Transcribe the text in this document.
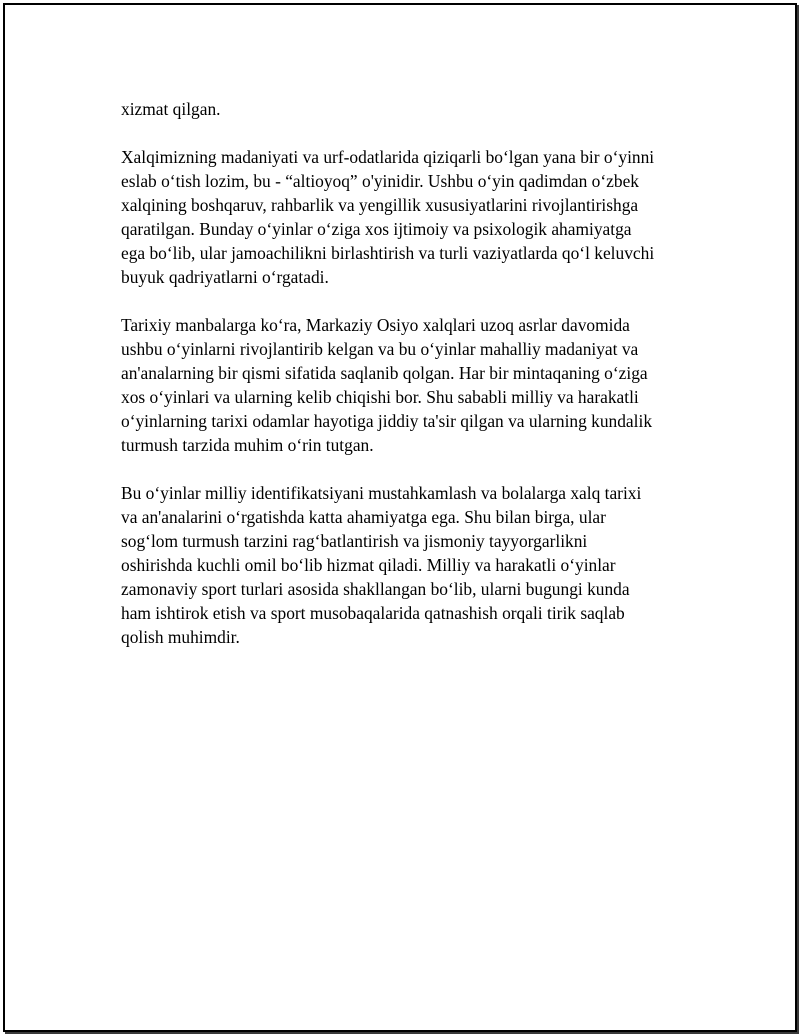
xizmat qilgan.

Xalqimizning madaniyati va urf-odatlarida qiziqarli boʻlgan yana bir oʻyinni
eslab oʻtish lozim, bu - “altioyoq” o'yinidir. Ushbu oʻyin qadimdan oʻzbek
xalqining boshqaruv, rahbarlik va yengillik xususiyatlarini rivojlantirishga
qaratilgan. Bunday oʻyinlar oʻziga xos ijtimoiy va psixologik ahamiyatga
ega boʻlib, ular jamoachilikni birlashtirish va turli vaziyatlarda qoʻl keluvchi
buyuk qadriyatlarni oʻrgatadi.

Tarixiy manbalarga koʻra, Markaziy Osiyo xalqlari uzoq asrlar davomida
ushbu oʻyinlarni rivojlantirib kelgan va bu oʻyinlar mahalliy madaniyat va
an'analarning bir qismi sifatida saqlanib qolgan. Har bir mintaqaning oʻziga
xos oʻyinlari va ularning kelib chiqishi bor. Shu sababli milliy va harakatli
oʻyinlarning tarixi odamlar hayotiga jiddiy ta'sir qilgan va ularning kundalik
turmush tarzida muhim oʻrin tutgan.

Bu oʻyinlar milliy identifikatsiyani mustahkamlash va bolalarga xalq tarixi
va an'analarini oʻrgatishda katta ahamiyatga ega. Shu bilan birga, ular
sogʻlom turmush tarzini ragʻbatlantirish va jismoniy tayyorgarlikni
oshirishda kuchli omil boʻlib hizmat qiladi. Milliy va harakatli oʻyinlar
zamonaviy sport turlari asosida shakllangan boʻlib, ularni bugungi kunda
ham ishtirok etish va sport musobaqalarida qatnashish orqali tirik saqlab
qolish muhimdir.
